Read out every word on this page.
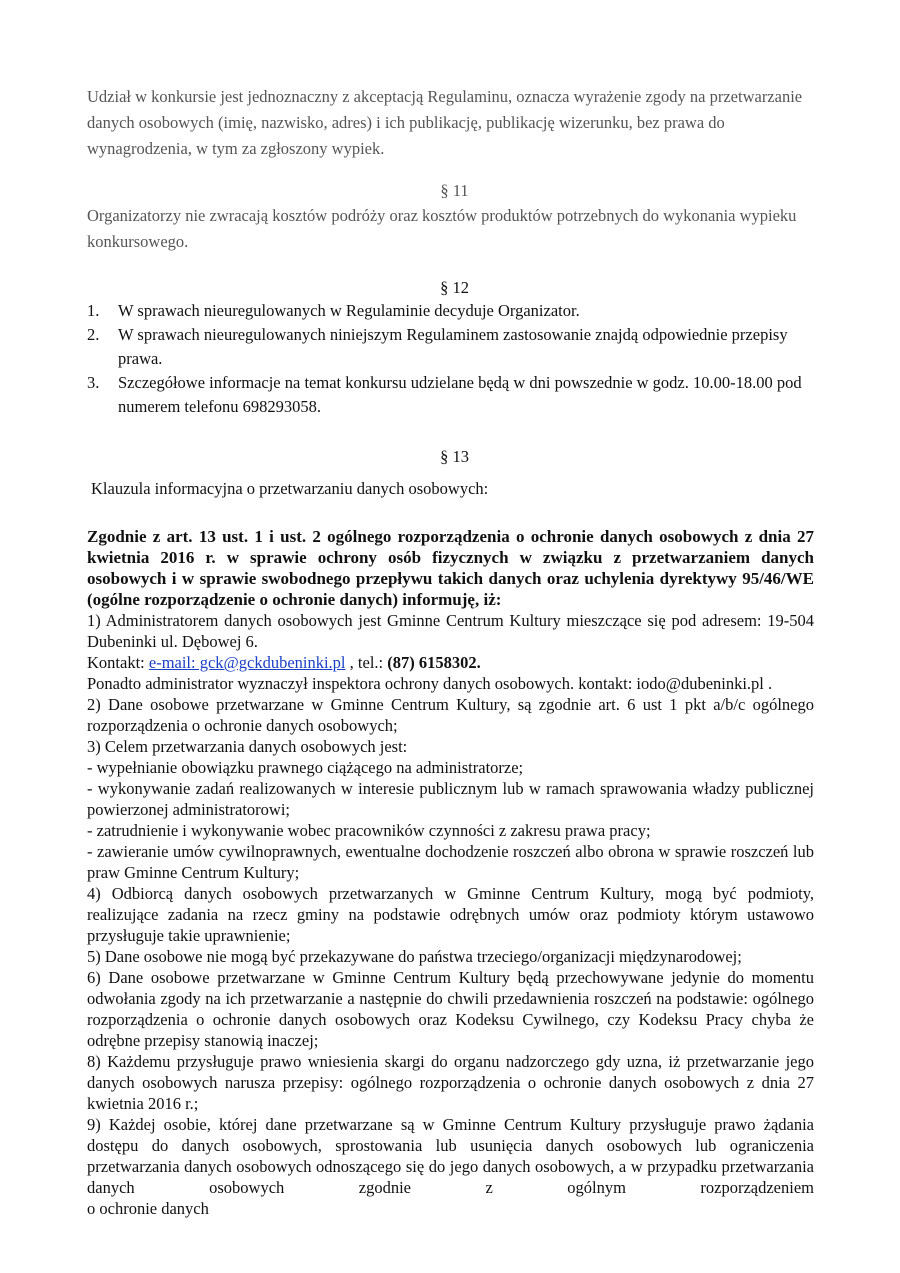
Udział w konkursie jest jednoznaczny z akceptacją Regulaminu, oznacza wyrażenie zgody na przetwarzanie danych osobowych (imię, nazwisko, adres) i ich publikację, publikację wizerunku, bez prawa do wynagrodzenia, w tym za zgłoszony wypiek.

§ 11

Organizatorzy nie zwracają kosztów podróży oraz kosztów produktów potrzebnych do wykonania wypieku konkursowego.

§ 12

1.	W sprawach nieuregulowanych w Regulaminie decyduje Organizator.
2.	W sprawach nieuregulowanych niniejszym Regulaminem zastosowanie znajdą odpowiednie przepisy prawa.
3.	Szczegółowe informacje na temat konkursu udzielane będą w dni powszednie w godz. 10.00-18.00 pod numerem telefonu 698293058.

§ 13

Klauzula informacyjna o przetwarzaniu danych osobowych:

Zgodnie z art. 13 ust. 1 i ust. 2 ogólnego rozporządzenia o ochronie danych osobowych z dnia 27 kwietnia 2016 r. w sprawie ochrony osób fizycznych w związku z przetwarzaniem danych osobowych i w sprawie swobodnego przepływu takich danych oraz uchylenia dyrektywy 95/46/WE (ogólne rozporządzenie o ochronie danych) informuję, iż:

1) Administratorem danych osobowych jest Gminne Centrum Kultury mieszczące się pod adresem: 19-504 Dubeninki ul. Dębowej 6.

Kontakt: e-mail: gck@gckdubeninki.pl , tel.: (87) 6158302.

Ponadto administrator wyznaczył inspektora ochrony danych osobowych. kontakt: iodo@dubeninki.pl .

2) Dane osobowe przetwarzane w Gminne Centrum Kultury, są zgodnie art. 6 ust 1 pkt a/b/c ogólnego rozporządzenia o ochronie danych osobowych;

3) Celem przetwarzania danych osobowych jest:

- wypełnianie obowiązku prawnego ciążącego na administratorze;

- wykonywanie zadań realizowanych w interesie publicznym lub w ramach sprawowania władzy publicznej powierzonej administratorowi;

- zatrudnienie i wykonywanie wobec pracowników czynności z zakresu prawa pracy;

- zawieranie umów cywilnoprawnych, ewentualne dochodzenie roszczeń albo obrona w sprawie roszczeń lub praw Gminne Centrum Kultury;

4) Odbiorcą danych osobowych przetwarzanych w Gminne Centrum Kultury, mogą być podmioty, realizujące zadania na rzecz gminy na podstawie odrębnych umów oraz podmioty którym ustawowo przysługuje takie uprawnienie;

5) Dane osobowe nie mogą być przekazywane do państwa trzeciego/organizacji międzynarodowej;

6) Dane osobowe przetwarzane w Gminne Centrum Kultury będą przechowywane jedynie do momentu odwołania zgody na ich przetwarzanie a następnie do chwili przedawnienia roszczeń na podstawie: ogólnego rozporządzenia o ochronie danych osobowych oraz Kodeksu Cywilnego, czy Kodeksu Pracy chyba że odrębne przepisy stanowią inaczej;

8) Każdemu przysługuje prawo wniesienia skargi do organu nadzorczego gdy uzna, iż przetwarzanie jego danych osobowych narusza przepisy: ogólnego rozporządzenia o ochronie danych osobowych z dnia 27 kwietnia 2016 r.;

9) Każdej osobie, której dane przetwarzane są w Gminne Centrum Kultury przysługuje prawo żądania dostępu do danych osobowych, sprostowania lub usunięcia danych osobowych lub ograniczenia przetwarzania danych osobowych odnoszącego się do jego danych osobowych, a w przypadku przetwarzania danych osobowych zgodnie z ogólnym rozporządzeniem

o ochronie danych
